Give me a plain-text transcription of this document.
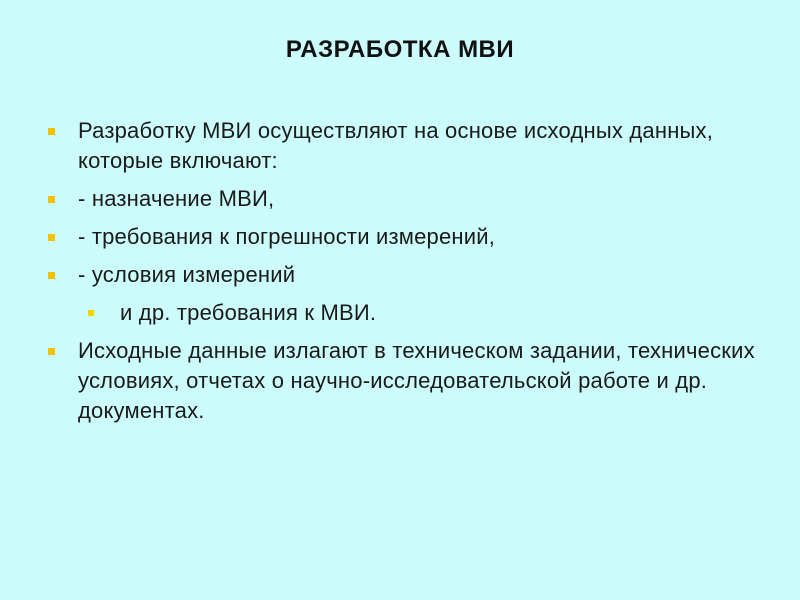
РАЗРАБОТКА МВИ
Разработку МВИ осуществляют на основе исходных данных, которые включают:
- назначение МВИ,
- требования к погрешности измерений,
- условия измерений
и др. требования к МВИ.
Исходные данные излагают в техническом задании, технических условиях, отчетах о научно-исследовательской работе и др. документах.
